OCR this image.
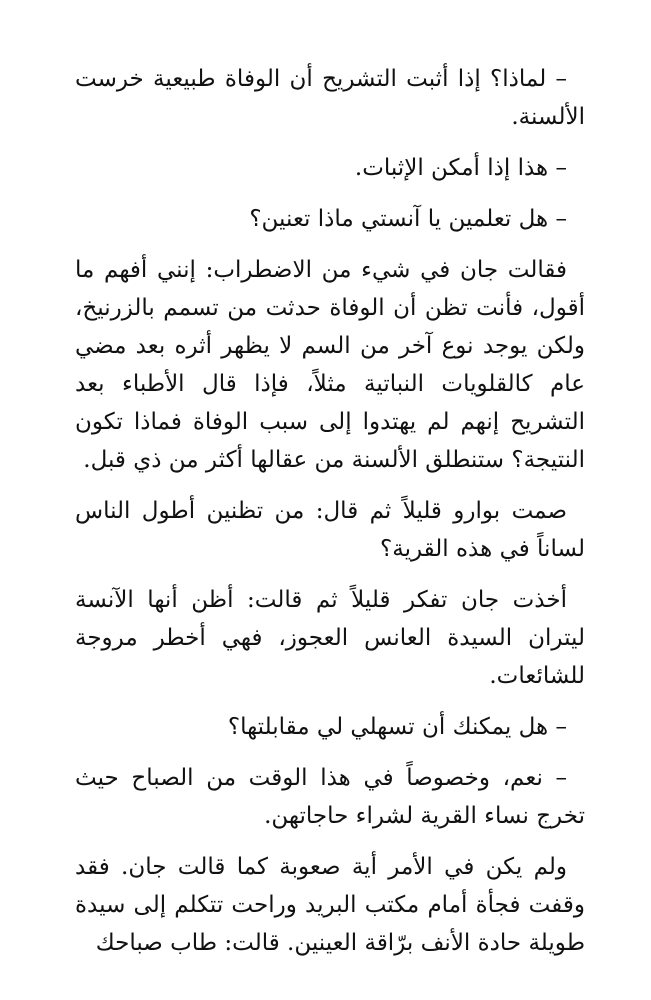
– لماذا؟ إذا أثبت التشريح أن الوفاة طبيعية خرست الألسنة.

– هذا إذا أمكن الإثبات.

– هل تعلمين يا آنستي ماذا تعنين؟

فقالت جان في شيء من الاضطراب: إنني أفهم ما أقول، فأنت تظن أن الوفاة حدثت من تسمم بالزرنيخ، ولكن يوجد نوع آخر من السم لا يظهر أثره بعد مضي عام كالقلويات النباتية مثلاً، فإذا قال الأطباء بعد التشريح إنهم لم يهتدوا إلى سبب الوفاة فماذا تكون النتيجة؟ ستنطلق الألسنة من عقالها أكثر من ذي قبل.

صمت بوارو قليلاً ثم قال: من تظنين أطول الناس لساناً في هذه القرية؟

أخذت جان تفكر قليلاً ثم قالت: أظن أنها الآنسة ليتران السيدة العانس العجوز، فهي أخطر مروجة للشائعات.

– هل يمكنك أن تسهلي لي مقابلتها؟

– نعم، وخصوصاً في هذا الوقت من الصباح حيث تخرج نساء القرية لشراء حاجاتهن.

ولم يكن في الأمر أية صعوبة كما قالت جان. فقد وقفت فجأة أمام مكتب البريد وراحت تتكلم إلى سيدة طويلة حادة الأنف برّاقة العينين. قالت: طاب صباحك
